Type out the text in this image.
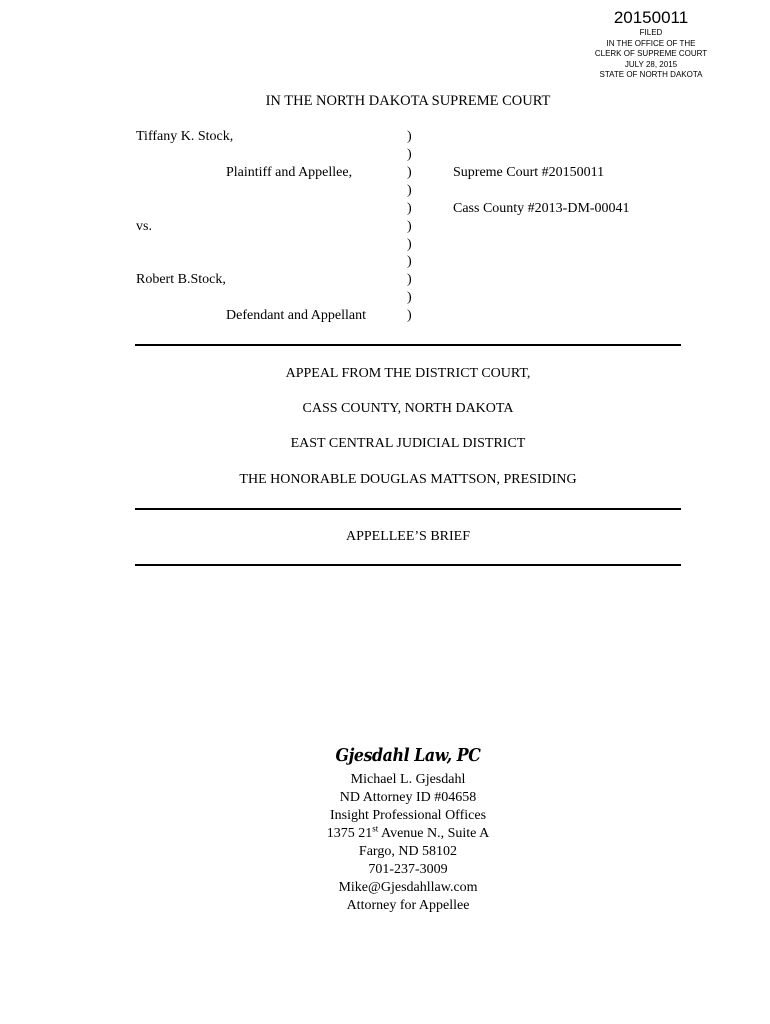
20150011
FILED
IN THE OFFICE OF THE
CLERK OF SUPREME COURT
JULY 28, 2015
STATE OF NORTH DAKOTA
IN THE NORTH DAKOTA SUPREME COURT
Tiffany K. Stock,
Plaintiff and Appellee,
vs.
Robert B.Stock,
Defendant and Appellant
)
)
)
)
)
)
)
)
)
)
)
Supreme Court #20150011
Cass County #2013-DM-00041
APPEAL FROM THE DISTRICT COURT,
CASS COUNTY, NORTH DAKOTA
EAST CENTRAL JUDICIAL DISTRICT
THE HONORABLE DOUGLAS MATTSON, PRESIDING
APPELLEE’S BRIEF
Gjesdahl Law, PC
Michael L. Gjesdahl
ND Attorney ID #04658
Insight Professional Offices
1375 21st Avenue N., Suite A
Fargo, ND 58102
701-237-3009
Mike@Gjesdahllaw.com
Attorney for Appellee
